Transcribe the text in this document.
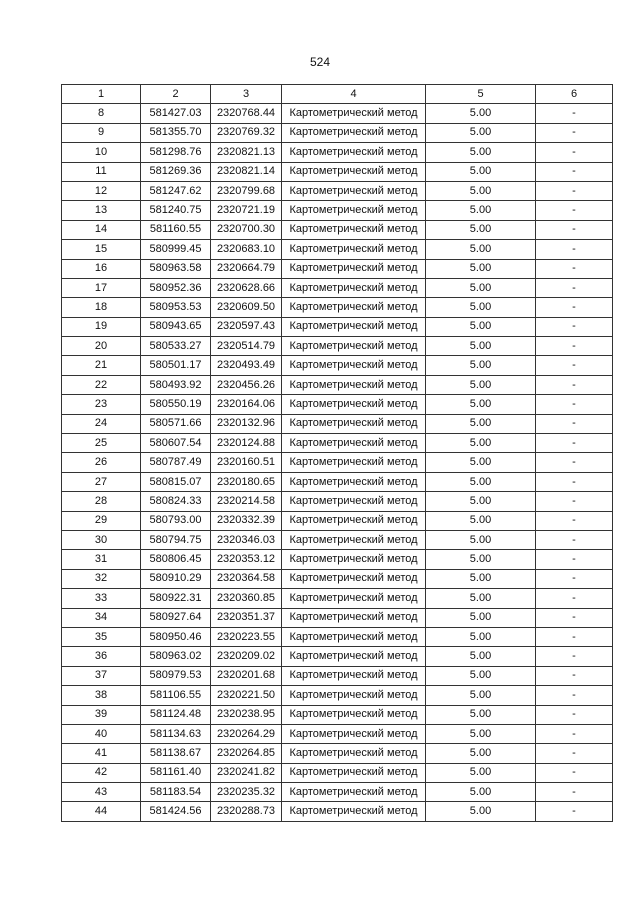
524
1	2	3	4	5	6
8	581427.03	2320768.44	Картометрический метод	5.00	-
9	581355.70	2320769.32	Картометрический метод	5.00	-
10	581298.76	2320821.13	Картометрический метод	5.00	-
11	581269.36	2320821.14	Картометрический метод	5.00	-
12	581247.62	2320799.68	Картометрический метод	5.00	-
13	581240.75	2320721.19	Картометрический метод	5.00	-
14	581160.55	2320700.30	Картометрический метод	5.00	-
15	580999.45	2320683.10	Картометрический метод	5.00	-
16	580963.58	2320664.79	Картометрический метод	5.00	-
17	580952.36	2320628.66	Картометрический метод	5.00	-
18	580953.53	2320609.50	Картометрический метод	5.00	-
19	580943.65	2320597.43	Картометрический метод	5.00	-
20	580533.27	2320514.79	Картометрический метод	5.00	-
21	580501.17	2320493.49	Картометрический метод	5.00	-
22	580493.92	2320456.26	Картометрический метод	5.00	-
23	580550.19	2320164.06	Картометрический метод	5.00	-
24	580571.66	2320132.96	Картометрический метод	5.00	-
25	580607.54	2320124.88	Картометрический метод	5.00	-
26	580787.49	2320160.51	Картометрический метод	5.00	-
27	580815.07	2320180.65	Картометрический метод	5.00	-
28	580824.33	2320214.58	Картометрический метод	5.00	-
29	580793.00	2320332.39	Картометрический метод	5.00	-
30	580794.75	2320346.03	Картометрический метод	5.00	-
31	580806.45	2320353.12	Картометрический метод	5.00	-
32	580910.29	2320364.58	Картометрический метод	5.00	-
33	580922.31	2320360.85	Картометрический метод	5.00	-
34	580927.64	2320351.37	Картометрический метод	5.00	-
35	580950.46	2320223.55	Картометрический метод	5.00	-
36	580963.02	2320209.02	Картометрический метод	5.00	-
37	580979.53	2320201.68	Картометрический метод	5.00	-
38	581106.55	2320221.50	Картометрический метод	5.00	-
39	581124.48	2320238.95	Картометрический метод	5.00	-
40	581134.63	2320264.29	Картометрический метод	5.00	-
41	581138.67	2320264.85	Картометрический метод	5.00	-
42	581161.40	2320241.82	Картометрический метод	5.00	-
43	581183.54	2320235.32	Картометрический метод	5.00	-
44	581424.56	2320288.73	Картометрический метод	5.00	-
